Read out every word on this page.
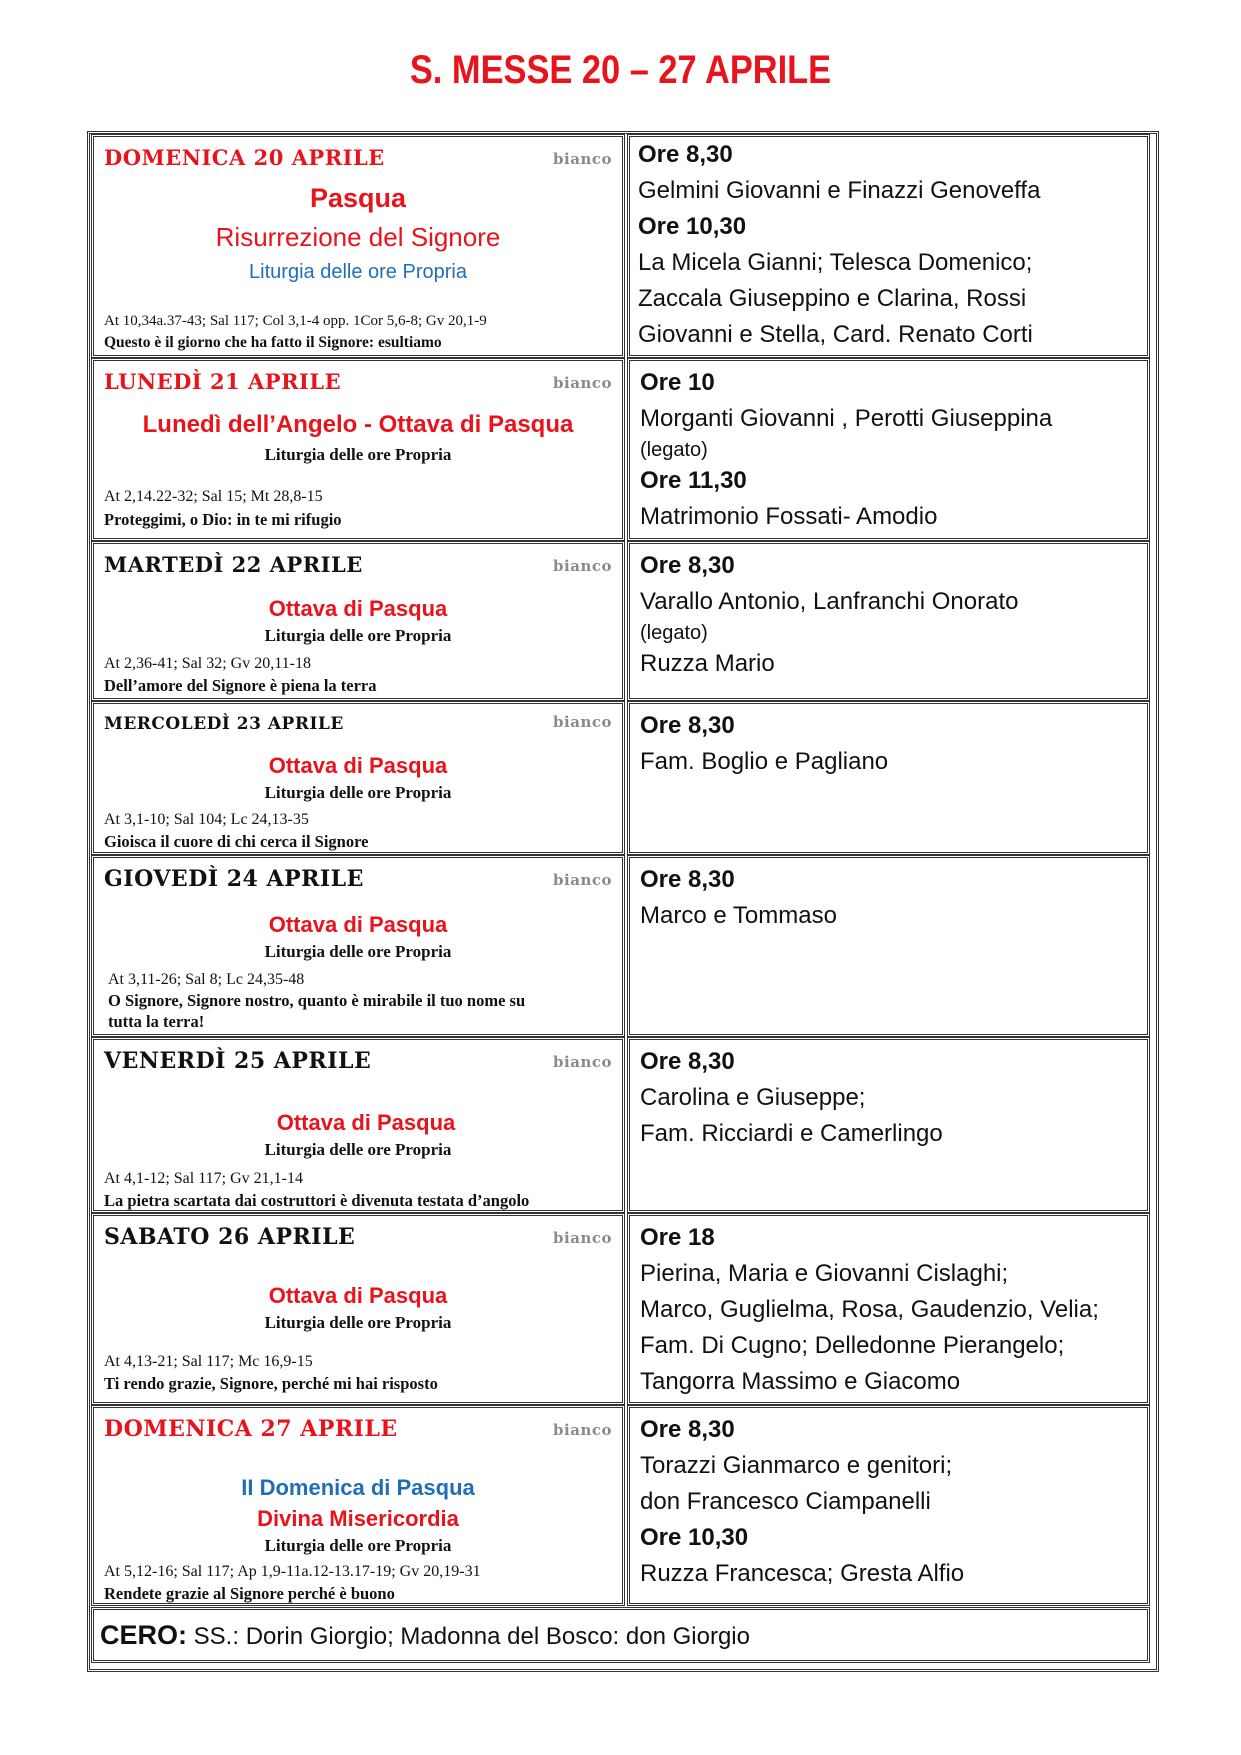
S. MESSE 20 – 27 APRILE
DOMENICA 20 APRILE	bianco
Pasqua
Risurrezione del Signore
Liturgia delle ore Propria
At 10,34a.37-43; Sal 117; Col 3,1-4 opp. 1Cor 5,6-8; Gv 20,1-9
Questo è il giorno che ha fatto il Signore: esultiamo
Ore 8,30
Gelmini Giovanni e Finazzi Genoveffa
Ore 10,30
La Micela Gianni; Telesca Domenico;
Zaccala Giuseppino e Clarina, Rossi
Giovanni e Stella, Card. Renato Corti
LUNEDÌ 21 APRILE	bianco
Lunedì dell’Angelo - Ottava di Pasqua
Liturgia delle ore Propria
At 2,14.22-32; Sal 15; Mt 28,8-15
Proteggimi, o Dio: in te mi rifugio
Ore 10
Morganti Giovanni , Perotti Giuseppina
(legato)
Ore 11,30
Matrimonio Fossati- Amodio
MARTEDÌ 22 APRILE	bianco
Ottava di Pasqua
Liturgia delle ore Propria
At 2,36-41; Sal 32; Gv 20,11-18
Dell’amore del Signore è piena la terra
Ore 8,30
Varallo Antonio, Lanfranchi Onorato
(legato)
Ruzza Mario
MERCOLEDÌ 23 APRILE	bianco
Ottava di Pasqua
Liturgia delle ore Propria
At 3,1-10; Sal 104; Lc 24,13-35
Gioisca il cuore di chi cerca il Signore
Ore 8,30
Fam. Boglio e Pagliano
GIOVEDÌ 24 APRILE	bianco
Ottava di Pasqua
Liturgia delle ore Propria
At 3,11-26; Sal 8; Lc 24,35-48
O Signore, Signore nostro, quanto è mirabile il tuo nome su tutta la terra!
Ore 8,30
Marco e Tommaso
VENERDÌ 25 APRILE	bianco
Ottava di Pasqua
Liturgia delle ore Propria
At 4,1-12; Sal 117; Gv 21,1-14
La pietra scartata dai costruttori è divenuta testata d’angolo
Ore 8,30
Carolina e Giuseppe;
Fam. Ricciardi e Camerlingo
SABATO 26 APRILE	bianco
Ottava di Pasqua
Liturgia delle ore Propria
At 4,13-21; Sal 117; Mc 16,9-15
Ti rendo grazie, Signore, perché mi hai risposto
Ore 18
Pierina, Maria e Giovanni Cislaghi;
Marco, Guglielma, Rosa, Gaudenzio, Velia;
Fam. Di Cugno; Delledonne Pierangelo;
Tangorra Massimo e Giacomo
DOMENICA 27 APRILE	bianco
II Domenica di Pasqua
Divina Misericordia
Liturgia delle ore Propria
At 5,12-16; Sal 117; Ap 1,9-11a.12-13.17-19; Gv 20,19-31
Rendete grazie al Signore perché è buono
Ore 8,30
Torazzi Gianmarco e genitori;
don Francesco Ciampanelli
Ore 10,30
Ruzza Francesca; Gresta Alfio
CERO: SS.: Dorin Giorgio; Madonna del Bosco: don Giorgio
